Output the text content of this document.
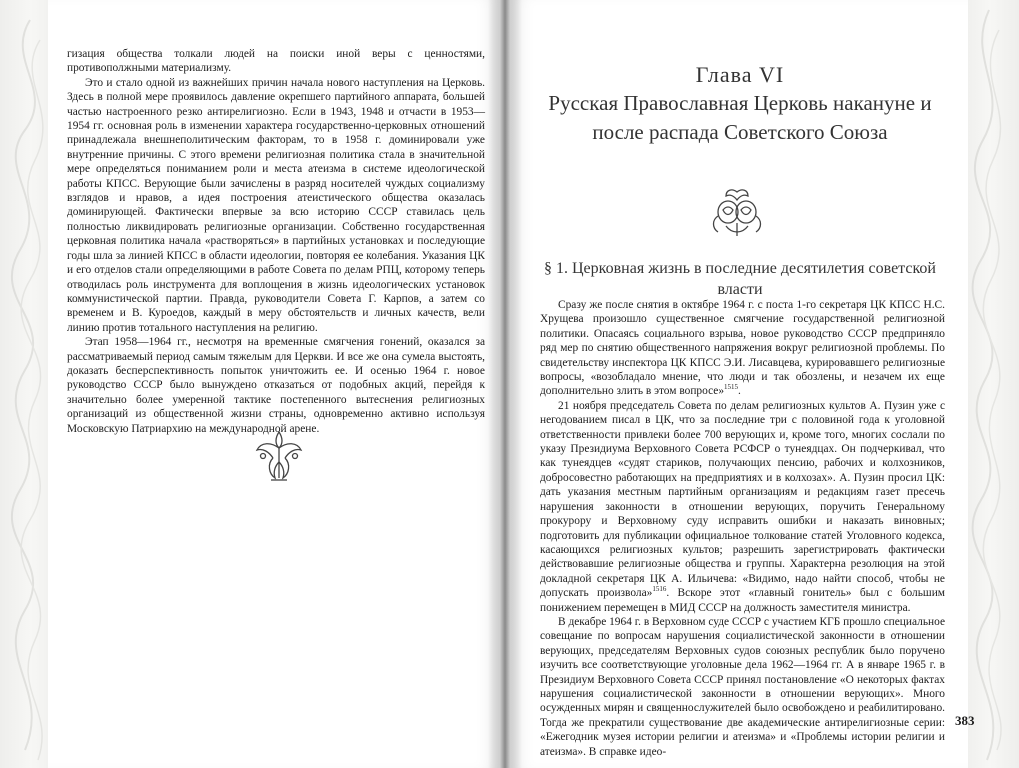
гизация общества толкали людей на поиски иной веры с ценностями, противополжными материализму.

Это и стало одной из важнейших причин начала нового наступления на Церковь. Здесь в полной мере проявилось давление окрепшего партийного аппарата, большей частью настроенного резко антирелигиозно. Если в 1943, 1948 и отчасти в 1953—1954 гг. основная роль в изменении характера государственно-церковных отношений принадлежала внешнеполитическим факторам, то в 1958 г. доминировали уже внутренние причины. С этого времени религиозная политика стала в значительной мере определяться пониманием роли и места атеизма в системе идеологической работы КПСС. Верующие были зачислены в разряд носителей чуждых социализму взглядов и нравов, а идея построения атеистического общества оказалась доминирующей. Фактически впервые за всю историю СССР ставилась цель полностью ликвидировать религиозные организации. Собственно государственная церковная политика начала «растворяться» в партийных установках и последующие годы шла за линией КПСС в области идеологии, повторяя ее колебания. Указания ЦК и его отделов стали определяющими в работе Совета по делам РПЦ, которому теперь отводилась роль инструмента для воплощения в жизнь идеологических установок коммунистической партии. Правда, руководители Совета Г. Карпов, а затем со временем и В. Куроедов, каждый в меру обстоятельств и личных качеств, вели линию против тотального наступления на религию.

Этап 1958—1964 гг., несмотря на временные смягчения гонений, оказался за рассматриваемый период самым тяжелым для Церкви. И все же она сумела выстоять, доказать бесперспективность попыток уничтожить ее. И осенью 1964 г. новое руководство СССР было вынуждено отказаться от подобных акций, перейдя к значительно более умеренной тактике постепенного вытеснения религиозных организаций из общественной жизни страны, одновременно активно используя Московскую Патриархию на международной арене.

Глава VI
Русская Православная Церковь накануне и после распада Советского Союза
§ 1. Церковная жизнь в последние десятилетия советской власти

Сразу же после снятия в октябре 1964 г. с поста 1-го секретаря ЦК КПСС Н.С. Хрущева произошло существенное смягчение государственной религиозной политики. Опасаясь социального взрыва, новое руководство СССР предприняло ряд мер по снятию общественного напряжения вокруг религиозной проблемы. По свидетельству инспектора ЦК КПСС Э.И. Лисавцева, курировавшего религиозные вопросы, «возобладало мнение, что люди и так обозлены, и незачем их еще дополнительно злить в этом вопросе»$^{1515}$.

21 ноября председатель Совета по делам религиозных культов А. Пузин уже с негодованием писал в ЦК, что за последние три с половиной года к уголовной ответственности привлеки более 700 верующих и, кроме того, многих сослали по указу Президиума Верховного Совета РСФСР о тунеядцах. Он подчеркивал, что как тунеядцев «судят стариков, получающих пенсию, рабочих и колхозников, добросовестно работающих на предприятиях и в колхозах». А. Пузин просил ЦК: дать указания местным партийным организациям и редакциям газет пресечь нарушения законности в отношении верующих, поручить Генеральному прокурору и Верховному суду исправить ошибки и наказать виновных; подготовить для публикации официальное толкование статей Уголовного кодекса, касающихся религиозных культов; разрешить зарегистрировать фактически действовавшие религиозные общества и группы. Характерна резолюция на этой докладной секретаря ЦК А. Ильичева: «Видимо, надо найти способ, чтобы не допускать произвола»$^{1516}$. Вскоре этот «главный гонитель» был с большим понижением перемещен в МИД СССР на должность заместителя министра.

В декабре 1964 г. в Верховном суде СССР с участием КГБ прошло специальное совещание по вопросам нарушения социалистической законности в отношении верующих, председателям Верховных судов союзных республик было поручено изучить все соответствующие уголовные дела 1962—1964 гг. А в январе 1965 г. в Президиум Верховного Совета СССР принял постановление «О некоторых фактах нарушения социалистической законности в отношении верующих». Много осужденных мирян и священнослужителей было освобождено и реабилитировано. Тогда же прекратили существование две академические антирелигиозные серии: «Ежегодник музея истории религии и атеизма» и «Проблемы истории религии и атеизма». В справке идео-

383
